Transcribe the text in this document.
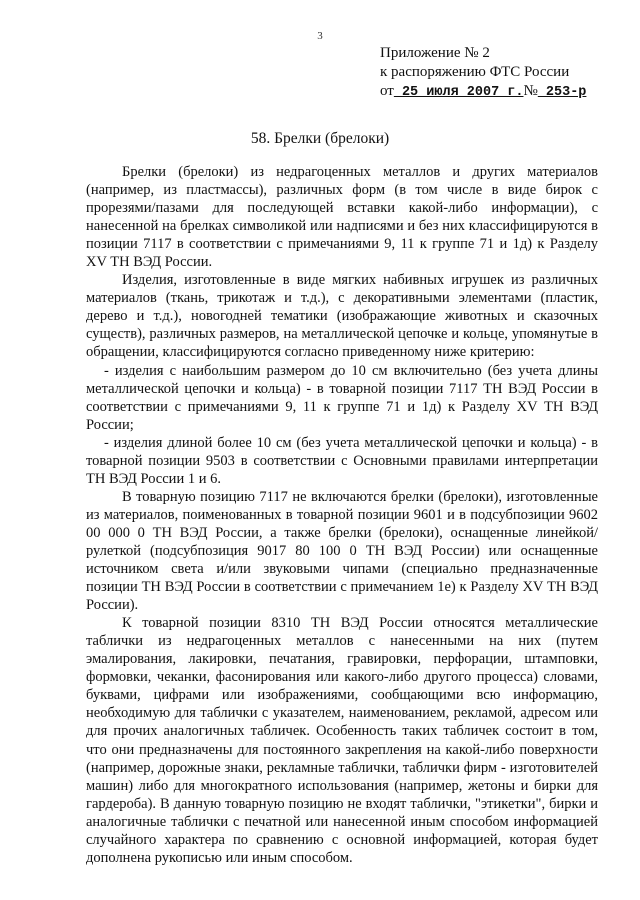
3
Приложение № 2
к распоряжению ФТС России
от 25 июля 2007 г.№ 253-р
58. Брелки (брелоки)

Брелки (брелоки) из недрагоценных металлов и других материалов (например, из пластмассы), различных форм (в том числе в виде бирок с прорезями/пазами для последующей вставки какой-либо информации), с нанесенной на брелках символикой или надписями и без них классифицируются в позиции 7117 в соответствии с примечаниями 9, 11 к группе 71 и 1д) к Разделу XV ТН ВЭД России.

Изделия, изготовленные в виде мягких набивных игрушек из различных материалов (ткань, трикотаж и т.д.), с декоративными элементами (пластик, дерево и т.д.), новогодней тематики (изображающие животных и сказочных существ), различных размеров, на металлической цепочке и кольце, упомянутые в обращении, классифицируются согласно приведенному ниже критерию:

- изделия с наибольшим размером до 10 см включительно (без учета длины металлической цепочки и кольца) - в товарной позиции 7117 ТН ВЭД России в соответствии с примечаниями 9, 11 к группе 71 и 1д) к Разделу XV ТН ВЭД России;

- изделия длиной более 10 см (без учета металлической цепочки и кольца) - в товарной позиции 9503 в соответствии с Основными правилами интерпретации ТН ВЭД России 1 и 6.

В товарную позицию 7117 не включаются брелки (брелоки), изготовленные из материалов, поименованных в товарной позиции 9601 и в подсубпозиции 9602 00 000 0 ТН ВЭД России, а также брелки (брелоки), оснащенные линейкой/рулеткой (подсубпозиция 9017 80 100 0 ТН ВЭД России) или оснащенные источником света и/или звуковыми чипами (специально предназначенные позиции ТН ВЭД России в соответствии с примечанием 1е) к Разделу XV ТН ВЭД России).

К товарной позиции 8310 ТН ВЭД России относятся металлические таблички из недрагоценных металлов с нанесенными на них (путем эмалирования, лакировки, печатания, гравировки, перфорации, штамповки, формовки, чеканки, фасонирования или какого-либо другого процесса) словами, буквами, цифрами или изображениями, сообщающими всю информацию, необходимую для таблички с указателем, наименованием, рекламой, адресом или для прочих аналогичных табличек. Особенность таких табличек состоит в том, что они предназначены для постоянного закрепления на какой-либо поверхности (например, дорожные знаки, рекламные таблички, таблички фирм - изготовителей машин) либо для многократного использования (например, жетоны и бирки для гардероба). В данную товарную позицию не входят таблички, "этикетки", бирки и аналогичные таблички с печатной или нанесенной иным способом информацией случайного характера по сравнению с основной информацией, которая будет дополнена рукописью или иным способом.
